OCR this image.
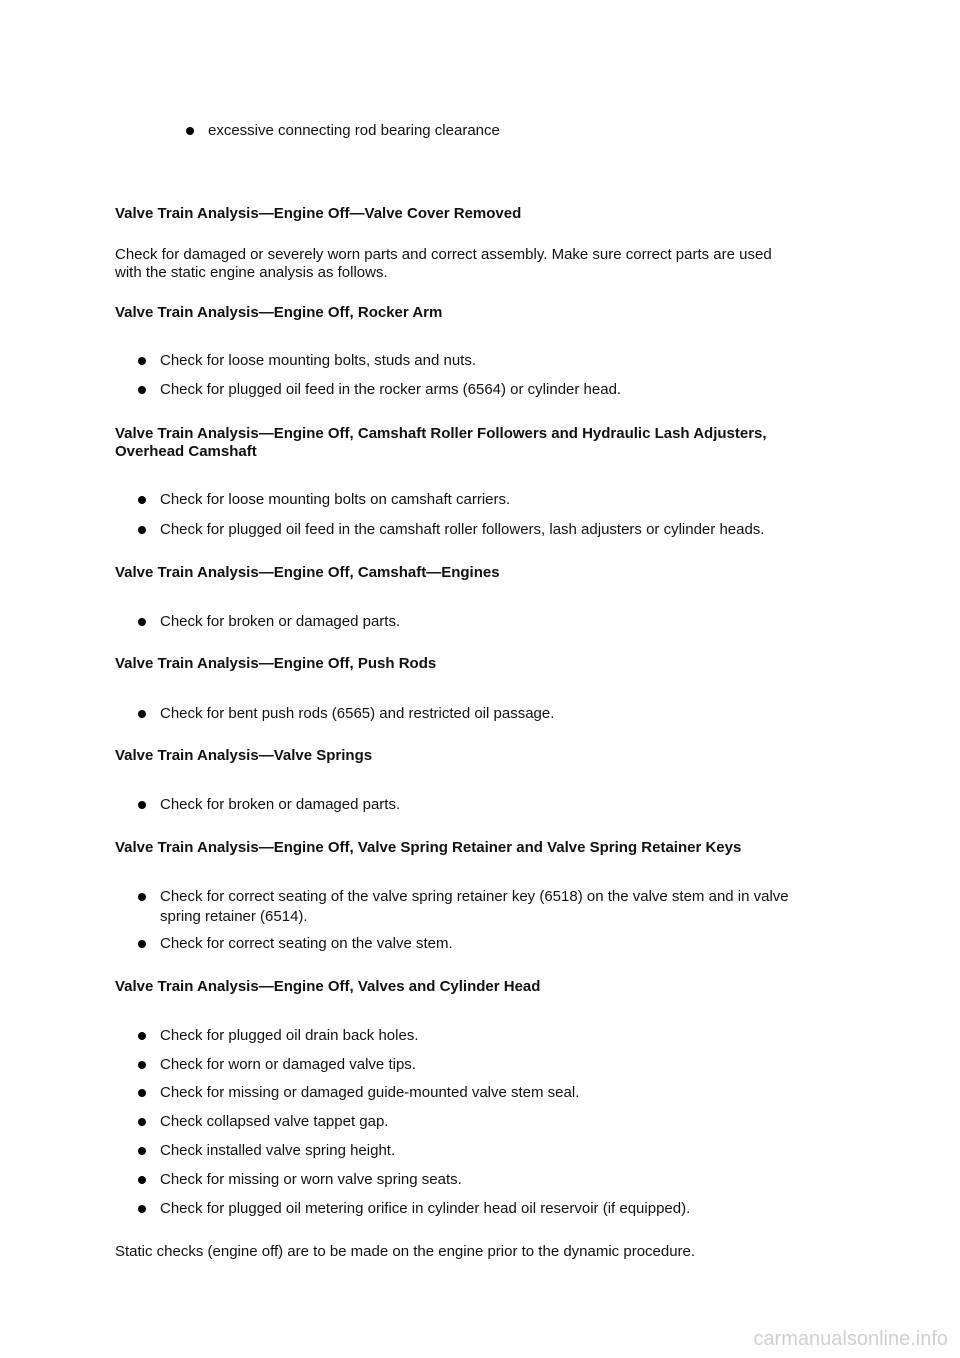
excessive connecting rod bearing clearance
Valve Train Analysis—Engine Off—Valve Cover Removed
Check for damaged or severely worn parts and correct assembly. Make sure correct parts are used
with the static engine analysis as follows.
Valve Train Analysis—Engine Off, Rocker Arm
Check for loose mounting bolts, studs and nuts.
Check for plugged oil feed in the rocker arms (6564) or cylinder head.
Valve Train Analysis—Engine Off, Camshaft Roller Followers and Hydraulic Lash Adjusters,
Overhead Camshaft
Check for loose mounting bolts on camshaft carriers.
Check for plugged oil feed in the camshaft roller followers, lash adjusters or cylinder heads.
Valve Train Analysis—Engine Off, Camshaft—Engines
Check for broken or damaged parts.
Valve Train Analysis—Engine Off, Push Rods
Check for bent push rods (6565) and restricted oil passage.
Valve Train Analysis—Valve Springs
Check for broken or damaged parts.
Valve Train Analysis—Engine Off, Valve Spring Retainer and Valve Spring Retainer Keys
Check for correct seating of the valve spring retainer key (6518) on the valve stem and in valve
spring retainer (6514).
Check for correct seating on the valve stem.
Valve Train Analysis—Engine Off, Valves and Cylinder Head
Check for plugged oil drain back holes.
Check for worn or damaged valve tips.
Check for missing or damaged guide-mounted valve stem seal.
Check collapsed valve tappet gap.
Check installed valve spring height.
Check for missing or worn valve spring seats.
Check for plugged oil metering orifice in cylinder head oil reservoir (if equipped).
Static checks (engine off) are to be made on the engine prior to the dynamic procedure.
carmanualsonline.info
